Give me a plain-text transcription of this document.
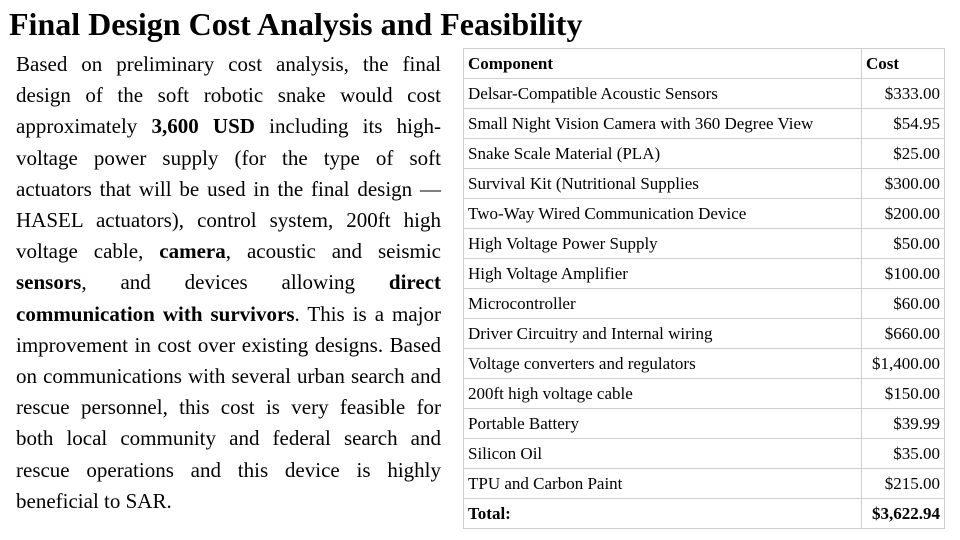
Final Design Cost Analysis and Feasibility

Based on preliminary cost analysis, the final design of the soft robotic snake would cost approximately 3,600 USD including its high-voltage power supply (for the type of soft actuators that will be used in the final design — HASEL actuators), control system, 200ft high voltage cable, camera, acoustic and seismic sensors, and devices allowing direct communication with survivors. This is a major improvement in cost over existing designs. Based on communications with several urban search and rescue personnel, this cost is very feasible for both local community and federal search and rescue operations and this device is highly beneficial to SAR.

Component	Cost
Delsar-Compatible Acoustic Sensors	$333.00
Small Night Vision Camera with 360 Degree View	$54.95
Snake Scale Material (PLA)	$25.00
Survival Kit (Nutritional Supplies	$300.00
Two-Way Wired Communication Device	$200.00
High Voltage Power Supply	$50.00
High Voltage Amplifier	$100.00
Microcontroller	$60.00
Driver Circuitry and Internal wiring	$660.00
Voltage converters and regulators	$1,400.00
200ft high voltage cable	$150.00
Portable Battery	$39.99
Silicon Oil	$35.00
TPU and Carbon Paint	$215.00
Total:	$3,622.94
